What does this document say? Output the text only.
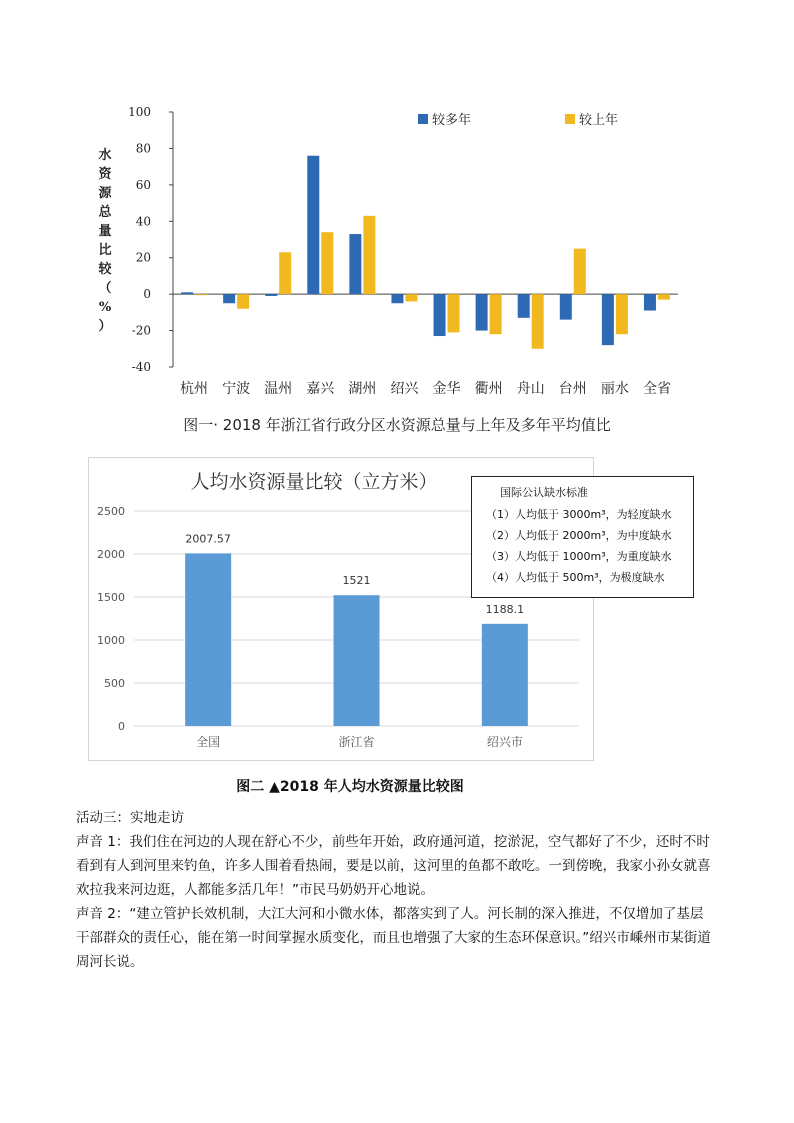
100
80
60
40
20
0
-20
-40
水资源总量比较（%）
杭州 宁波 温州 嘉兴 湖州 绍兴 金华 衢州 舟山 台州 丽水 全省
较多年	较上年
图一· 2018 年浙江省行政分区水资源总量与上年及多年平均值比
人均水资源量比较（立方米）
2500
2000
1500
1000
500
0
2007.57
全国
1521
浙江省
1188.1
绍兴市
国际公认缺水标准
（1）人均低于 3000m³，为轻度缺水
（2）人均低于 2000m³，为中度缺水
（3）人均低于 1000m³，为重度缺水
（4）人均低于 500m³，为极度缺水
图二 ▲2018 年人均水资源量比较图

活动三：实地走访

声音 1：我们住在河边的人现在舒心不少，前些年开始，政府通河道，挖淤泥，空气都好了不少，还时不时看到有人到河里来钓鱼，许多人围着看热闹，要是以前，这河里的鱼都不敢吃。一到傍晚，我家小孙女就喜欢拉我来河边逛，人都能多活几年！”市民马奶奶开心地说。

声音 2：“建立管护长效机制，大江大河和小微水体，都落实到了人。河长制的深入推进，不仅增加了基层干部群众的责任心，能在第一时间掌握水质变化，而且也增强了大家的生态环保意识。”绍兴市嵊州市某街道周河长说。
